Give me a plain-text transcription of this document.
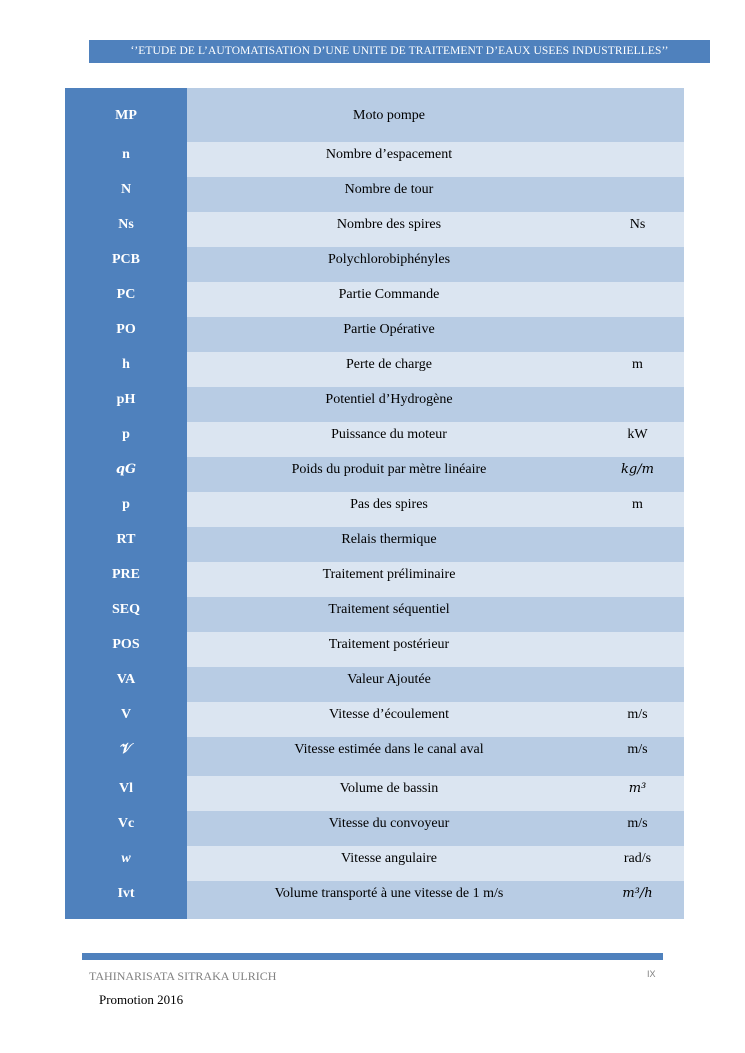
‘’ETUDE DE L’AUTOMATISATION D’UNE UNITE DE TRAITEMENT D’EAUX USEES INDUSTRIELLES’’
MP	Moto pompe	

n	Nombre d’espacement	

N	Nombre de tour	

Ns	Nombre des spires	Ns

PCB	Polychlorobiphényles	

PC	Partie Commande	

PO	Partie Opérative	

h	Perte de charge	m

pH	Potentiel d’Hydrogène	

p	Puissance du moteur	kW

qG	Poids du produit par mètre linéaire	kg/m

p	Pas des spires	m

RT	Relais thermique	

PRE	Traitement préliminaire	

SEQ	Traitement séquentiel	

POS	Traitement postérieur	

VA	Valeur Ajoutée	

V	Vitesse d’écoulement	m/s

𝒱	Vitesse estimée dans le canal aval	m/s

Vl	Volume de bassin	m³

Vc	Vitesse du convoyeur	m/s

w	Vitesse angulaire	rad/s

Ivt	Volume transporté à une vitesse de 1 m/s	m³/h
TAHINARISATA SITRAKA ULRICH	IX
Promotion 2016
